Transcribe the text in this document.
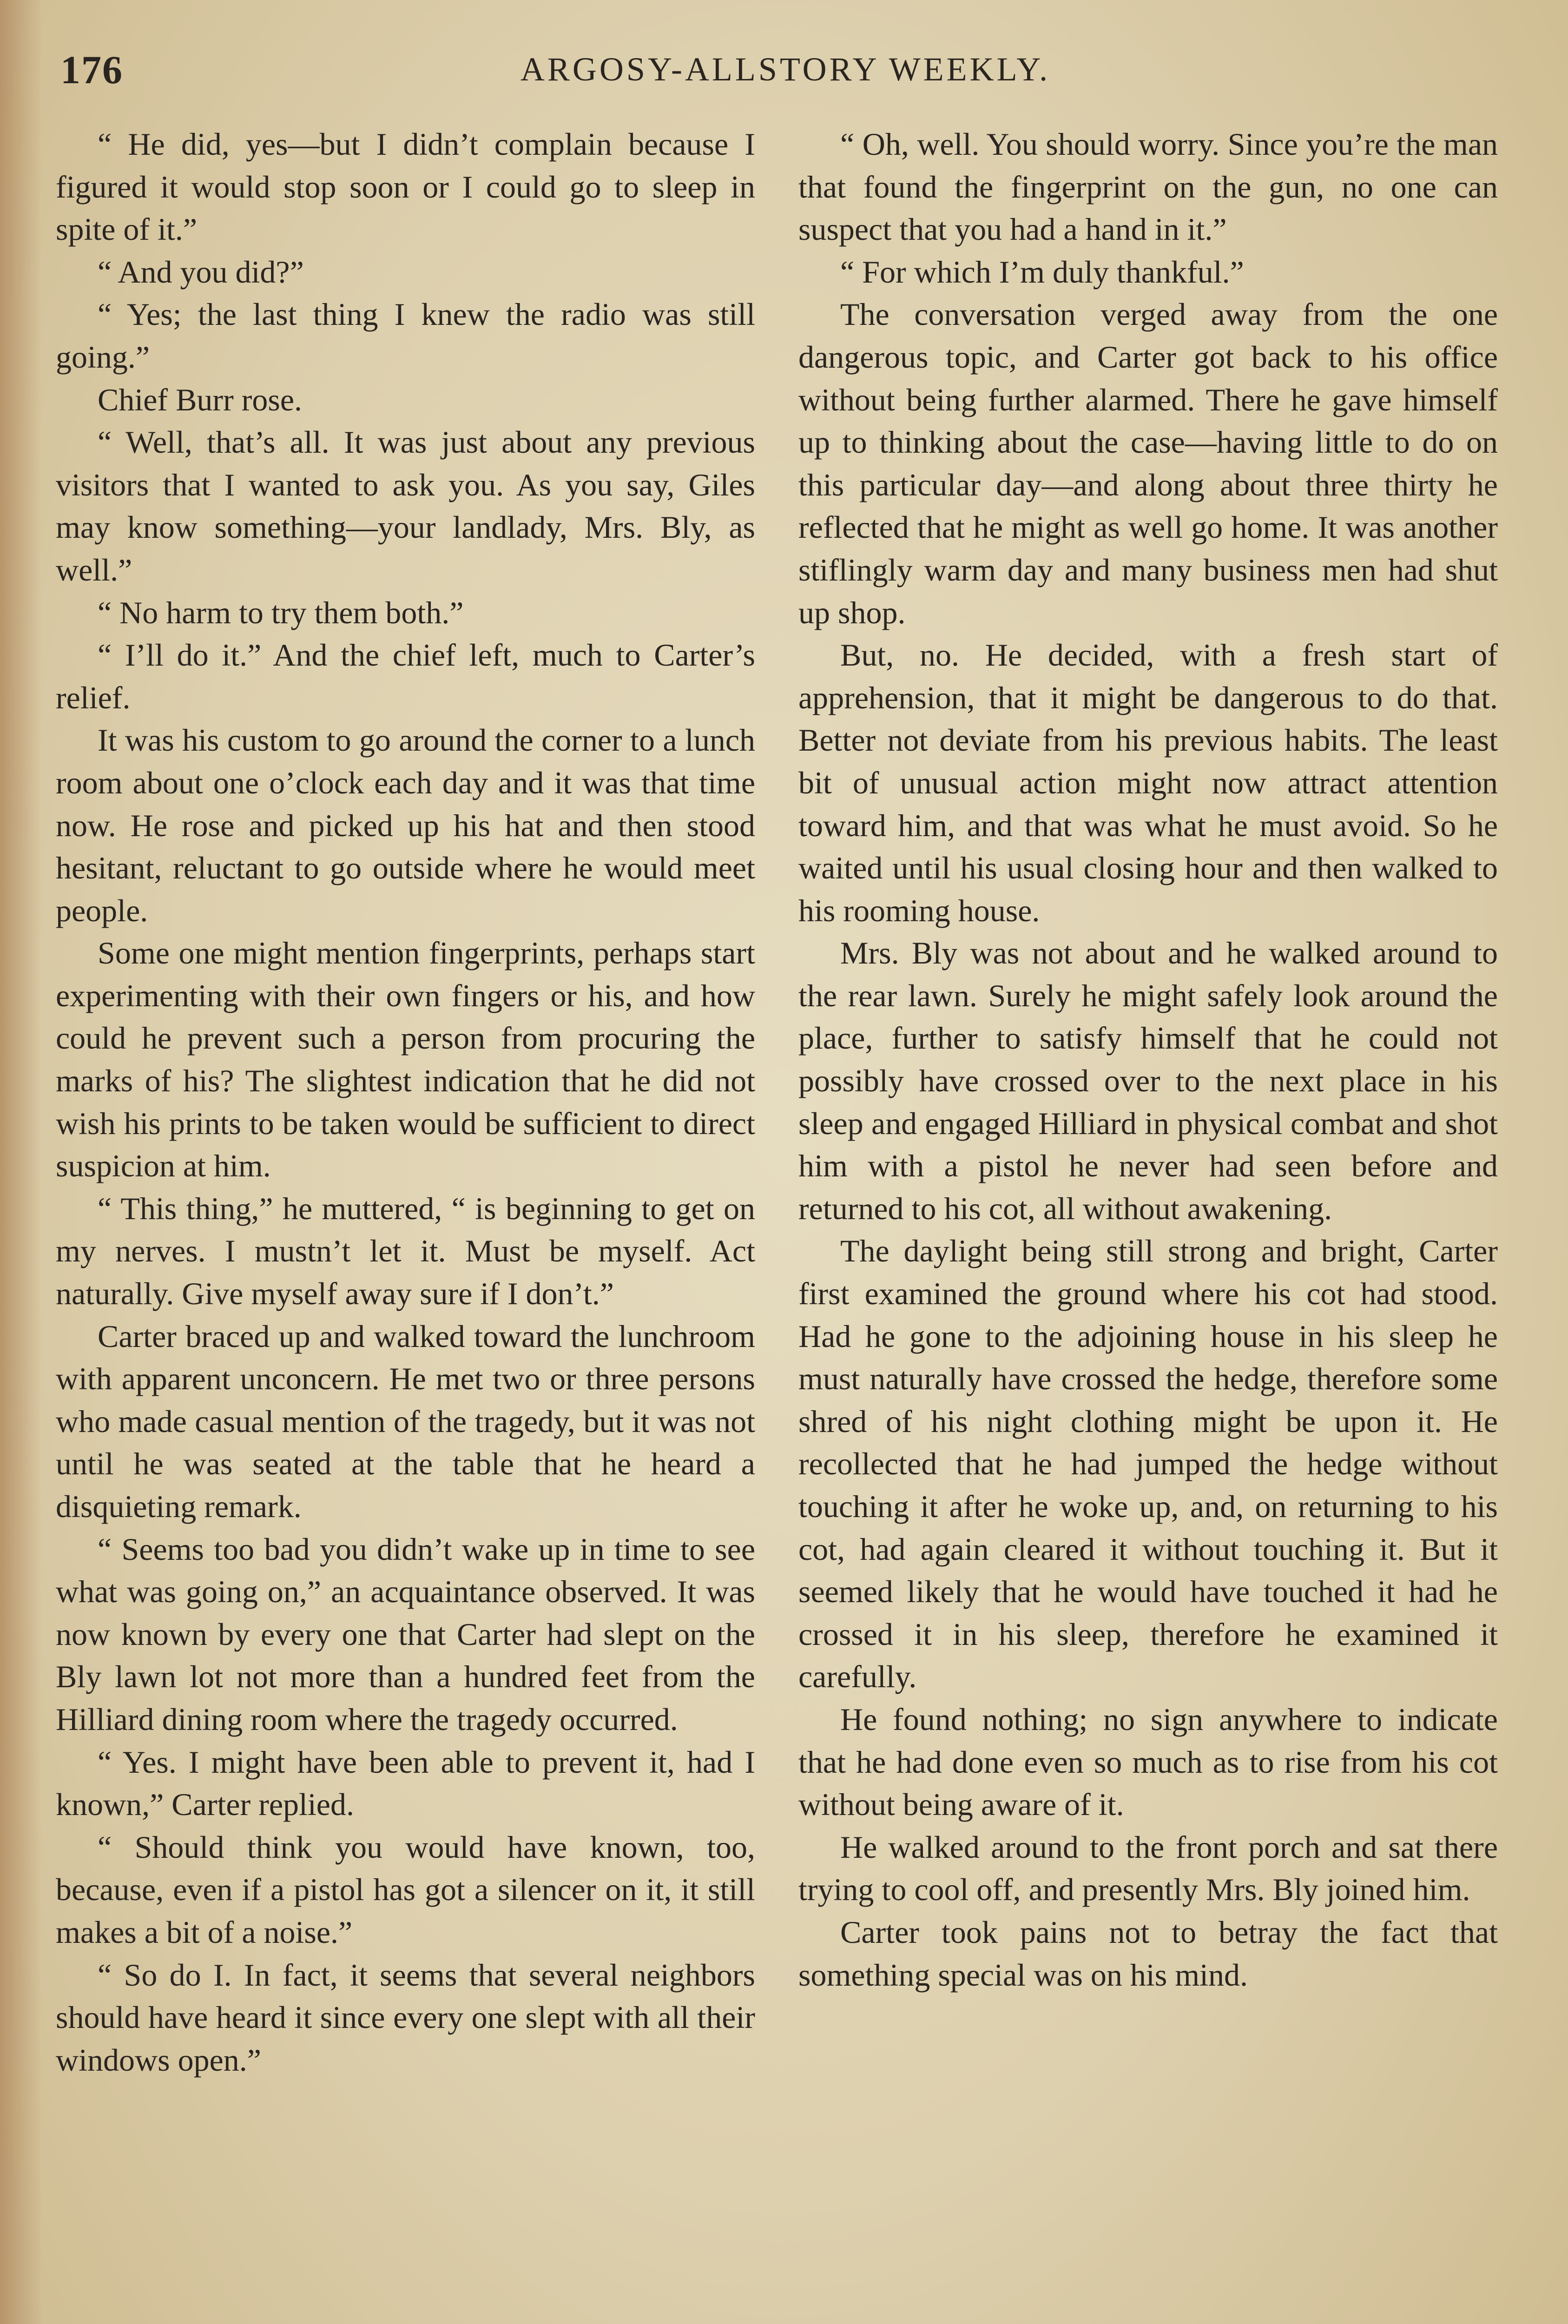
176	ARGOSY-ALLSTORY WEEKLY.

“ He did, yes—but I didn’t complain because I figured it would stop soon or I could go to sleep in spite of it.”

“ And you did?”

“ Yes; the last thing I knew the radio was still going.”

Chief Burr rose.

“ Well, that’s all. It was just about any previous visitors that I wanted to ask you. As you say, Giles may know something—your landlady, Mrs. Bly, as well.”

“ No harm to try them both.”

“ I’ll do it.” And the chief left, much to Carter’s relief.

It was his custom to go around the corner to a lunch room about one o’clock each day and it was that time now. He rose and picked up his hat and then stood hesitant, reluctant to go outside where he would meet people.

Some one might mention fingerprints, perhaps start experimenting with their own fingers or his, and how could he prevent such a person from procuring the marks of his? The slightest indication that he did not wish his prints to be taken would be sufficient to direct suspicion at him.

“ This thing,” he muttered, “ is beginning to get on my nerves. I mustn’t let it. Must be myself. Act naturally. Give myself away sure if I don’t.”

Carter braced up and walked toward the lunchroom with apparent unconcern. He met two or three persons who made casual mention of the tragedy, but it was not until he was seated at the table that he heard a disquieting remark.

“ Seems too bad you didn’t wake up in time to see what was going on,” an acquaintance observed. It was now known by every one that Carter had slept on the Bly lawn lot not more than a hundred feet from the Hilliard dining room where the tragedy occurred.

“ Yes. I might have been able to prevent it, had I known,” Carter replied.

“ Should think you would have known, too, because, even if a pistol has got a silencer on it, it still makes a bit of a noise.”

“ So do I. In fact, it seems that several neighbors should have heard it since every one slept with all their windows open.”

“ Oh, well. You should worry. Since you’re the man that found the fingerprint on the gun, no one can suspect that you had a hand in it.”

“ For which I’m duly thankful.”

The conversation verged away from the one dangerous topic, and Carter got back to his office without being further alarmed. There he gave himself up to thinking about the case—having little to do on this particular day—and along about three thirty he reflected that he might as well go home. It was another stiflingly warm day and many business men had shut up shop.

But, no. He decided, with a fresh start of apprehension, that it might be dangerous to do that. Better not deviate from his previous habits. The least bit of unusual action might now attract attention toward him, and that was what he must avoid. So he waited until his usual closing hour and then walked to his rooming house.

Mrs. Bly was not about and he walked around to the rear lawn. Surely he might safely look around the place, further to satisfy himself that he could not possibly have crossed over to the next place in his sleep and engaged Hilliard in physical combat and shot him with a pistol he never had seen before and returned to his cot, all without awakening.

The daylight being still strong and bright, Carter first examined the ground where his cot had stood. Had he gone to the adjoining house in his sleep he must naturally have crossed the hedge, therefore some shred of his night clothing might be upon it. He recollected that he had jumped the hedge without touching it after he woke up, and, on returning to his cot, had again cleared it without touching it. But it seemed likely that he would have touched it had he crossed it in his sleep, therefore he examined it carefully.

He found nothing; no sign anywhere to indicate that he had done even so much as to rise from his cot without being aware of it.

He walked around to the front porch and sat there trying to cool off, and presently Mrs. Bly joined him.

Carter took pains not to betray the fact that something special was on his mind.
